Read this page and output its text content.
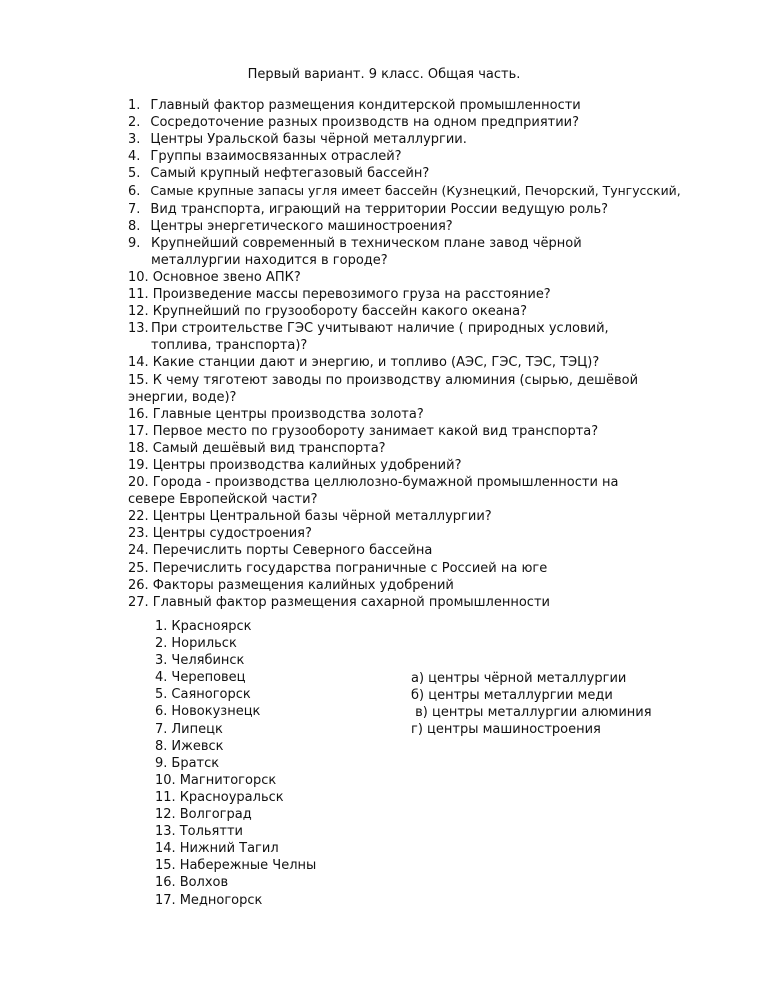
Первый вариант. 9 класс. Общая часть.
1. Главный фактор размещения кондитерской промышленности
2. Сосредоточение разных производств на одном предприятии?
3. Центры Уральской базы чёрной металлургии.
4. Группы взаимосвязанных отраслей?
5. Самый крупный нефтегазовый бассейн?
6. Самые крупные запасы угля имеет бассейн (Кузнецкий, Печорский, Тунгусский,
7. Вид транспорта, играющий на территории России ведущую роль?
8. Центры энергетического машиностроения?
9. Крупнейший современный в техническом плане завод чёрной металлургии находится в городе?
10. Основное звено АПК?
11. Произведение массы перевозимого груза на расстояние?
12. Крупнейший по грузообороту бассейн какого океана?
13. При строительстве ГЭС учитывают наличие ( природных условий, топлива, транспорта)?
14. Какие станции дают и энергию, и топливо (АЭС, ГЭС, ТЭС, ТЭЦ)?
15. К чему тяготеют заводы по производству алюминия (сырью, дешёвой энергии, воде)?
16. Главные центры производства золота?
17. Первое место по грузообороту занимает какой вид транспорта?
18. Самый дешёвый вид транспорта?
19. Центры производства калийных удобрений?
20. Города - производства целлюлозно-бумажной промышленности на севере Европейской части?
22. Центры Центральной базы чёрной металлургии?
23. Центры судостроения?
24. Перечислить порты Северного бассейна
25. Перечислить государства пограничные с Россией на юге
26. Факторы размещения калийных удобрений
27. Главный фактор размещения сахарной промышленности
1. Красноярск
2. Норильск
3. Челябинск
4. Череповец
5. Саяногорск
6. Новокузнецк
7. Липецк
8. Ижевск
9. Братск
10. Магнитогорск
11. Красноуральск
12. Волгоград
13. Тольятти
14. Нижний Тагил
15. Набережные Челны
16. Волхов
17. Медногорск
а) центры чёрной металлургии
б) центры металлургии меди
в) центры металлургии алюминия
г) центры машиностроения
